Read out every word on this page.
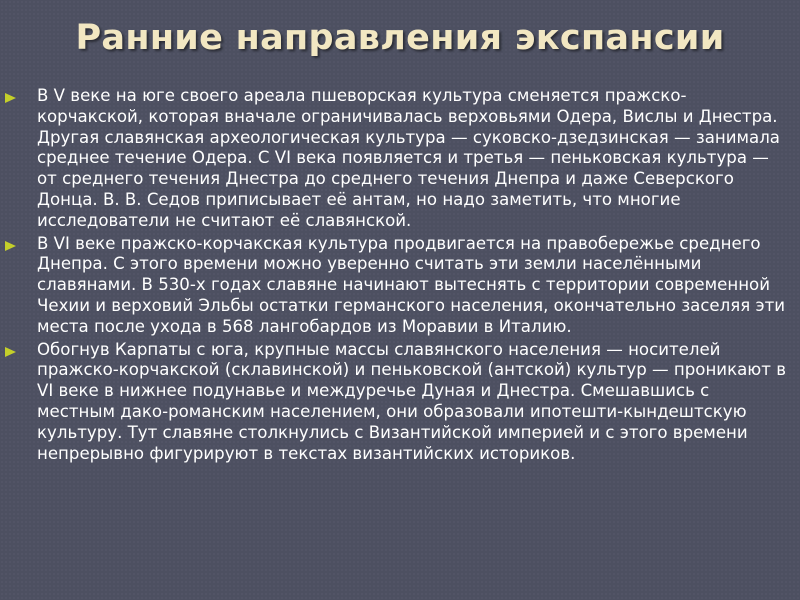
Ранние направления экспансии
В V веке на юге своего ареала пшеворская культура сменяется пражско-корчакской, которая вначале ограничивалась верховьями Одера, Вислы и Днестра. Другая славянская археологическая культура — суковско-дзедзинская — занимала среднее течение Одера. С VI века появляется и третья — пеньковская культура — от среднего течения Днестра до среднего течения Днепра и даже Северского Донца. В. В. Седов приписывает её антам, но надо заметить, что многие исследователи не считают её славянской.
В VI веке пражско-корчакская культура продвигается на правобережье среднего Днепра. С этого времени можно уверенно считать эти земли населёнными славянами. В 530-х годах славяне начинают вытеснять с территории современной Чехии и верховий Эльбы остатки германского населения, окончательно заселяя эти места после ухода в 568 лангобардов из Моравии в Италию.
Обогнув Карпаты с юга, крупные массы славянского населения — носителей пражско-корчакской (склавинской) и пеньковской (антской) культур — проникают в VI веке в нижнее подунавье и междуречье Дуная и Днестра. Смешавшись с местным дако-романским населением, они образовали ипотешти-кындештскую культуру. Тут славяне столкнулись с Византийской империей и с этого времени непрерывно фигурируют в текстах византийских историков.
